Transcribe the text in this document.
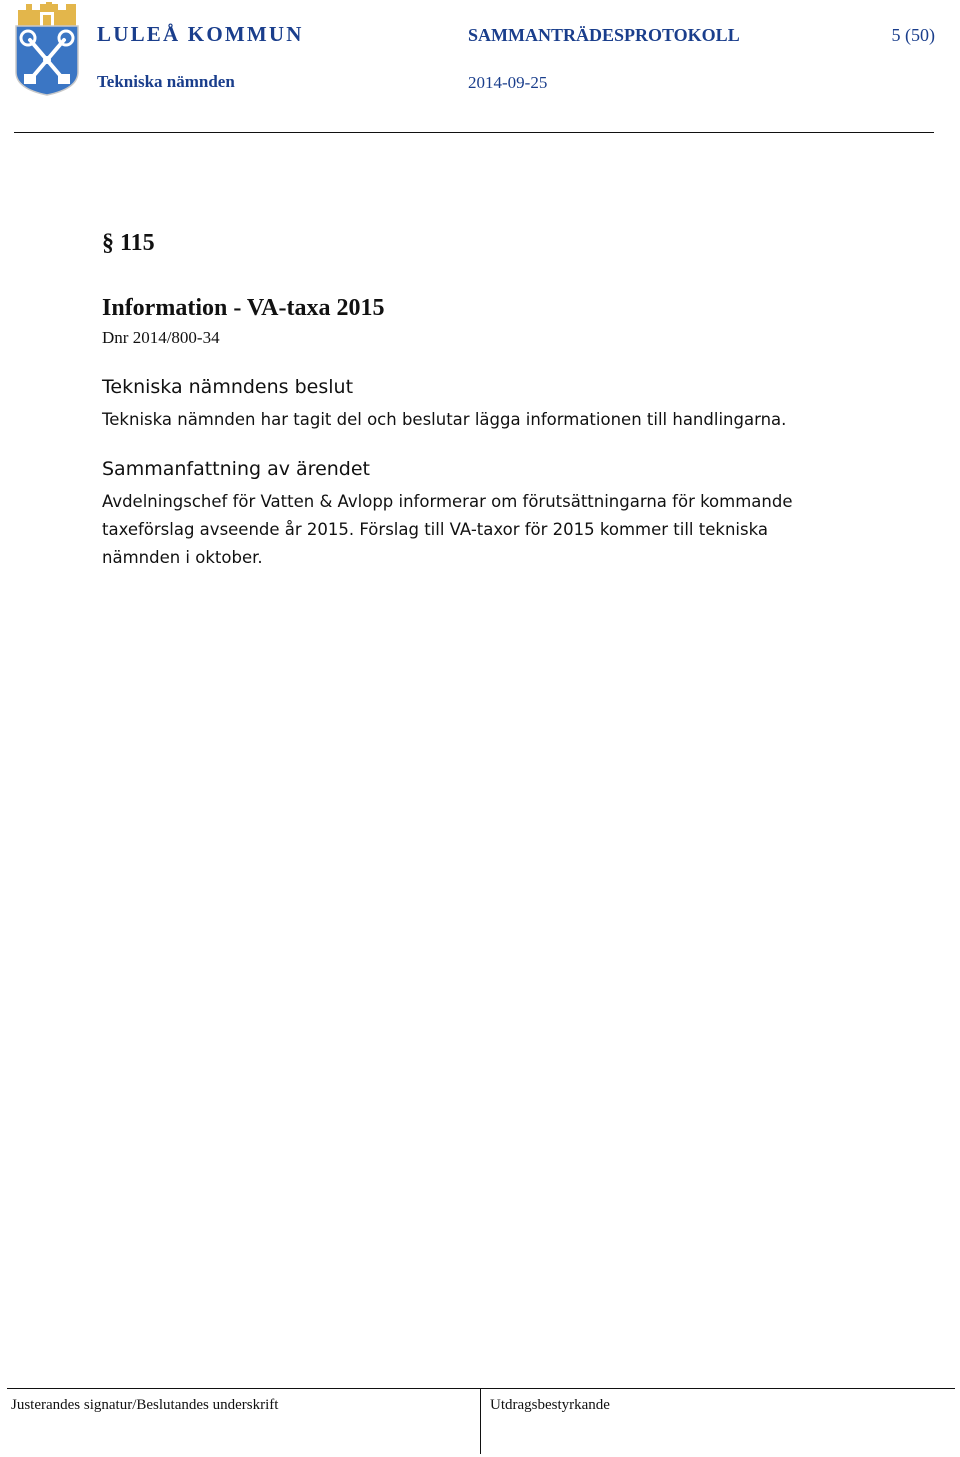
LULEÅ KOMMUN
Tekniska nämnden
SAMMANTRÄDESPROTOKOLL
2014-09-25
5 (50)
§ 115
Information - VA-taxa 2015
Dnr 2014/800-34
Tekniska nämndens beslut
Tekniska nämnden har tagit del och beslutar lägga informationen till handlingarna.
Sammanfattning av ärendet
Avdelningschef för Vatten & Avlopp informerar om förutsättningarna för kommande taxeförslag avseende år 2015. Förslag till VA-taxor för 2015 kommer till tekniska nämnden i oktober.
Justerandes signatur/Beslutandes underskrift	Utdragsbestyrkande
